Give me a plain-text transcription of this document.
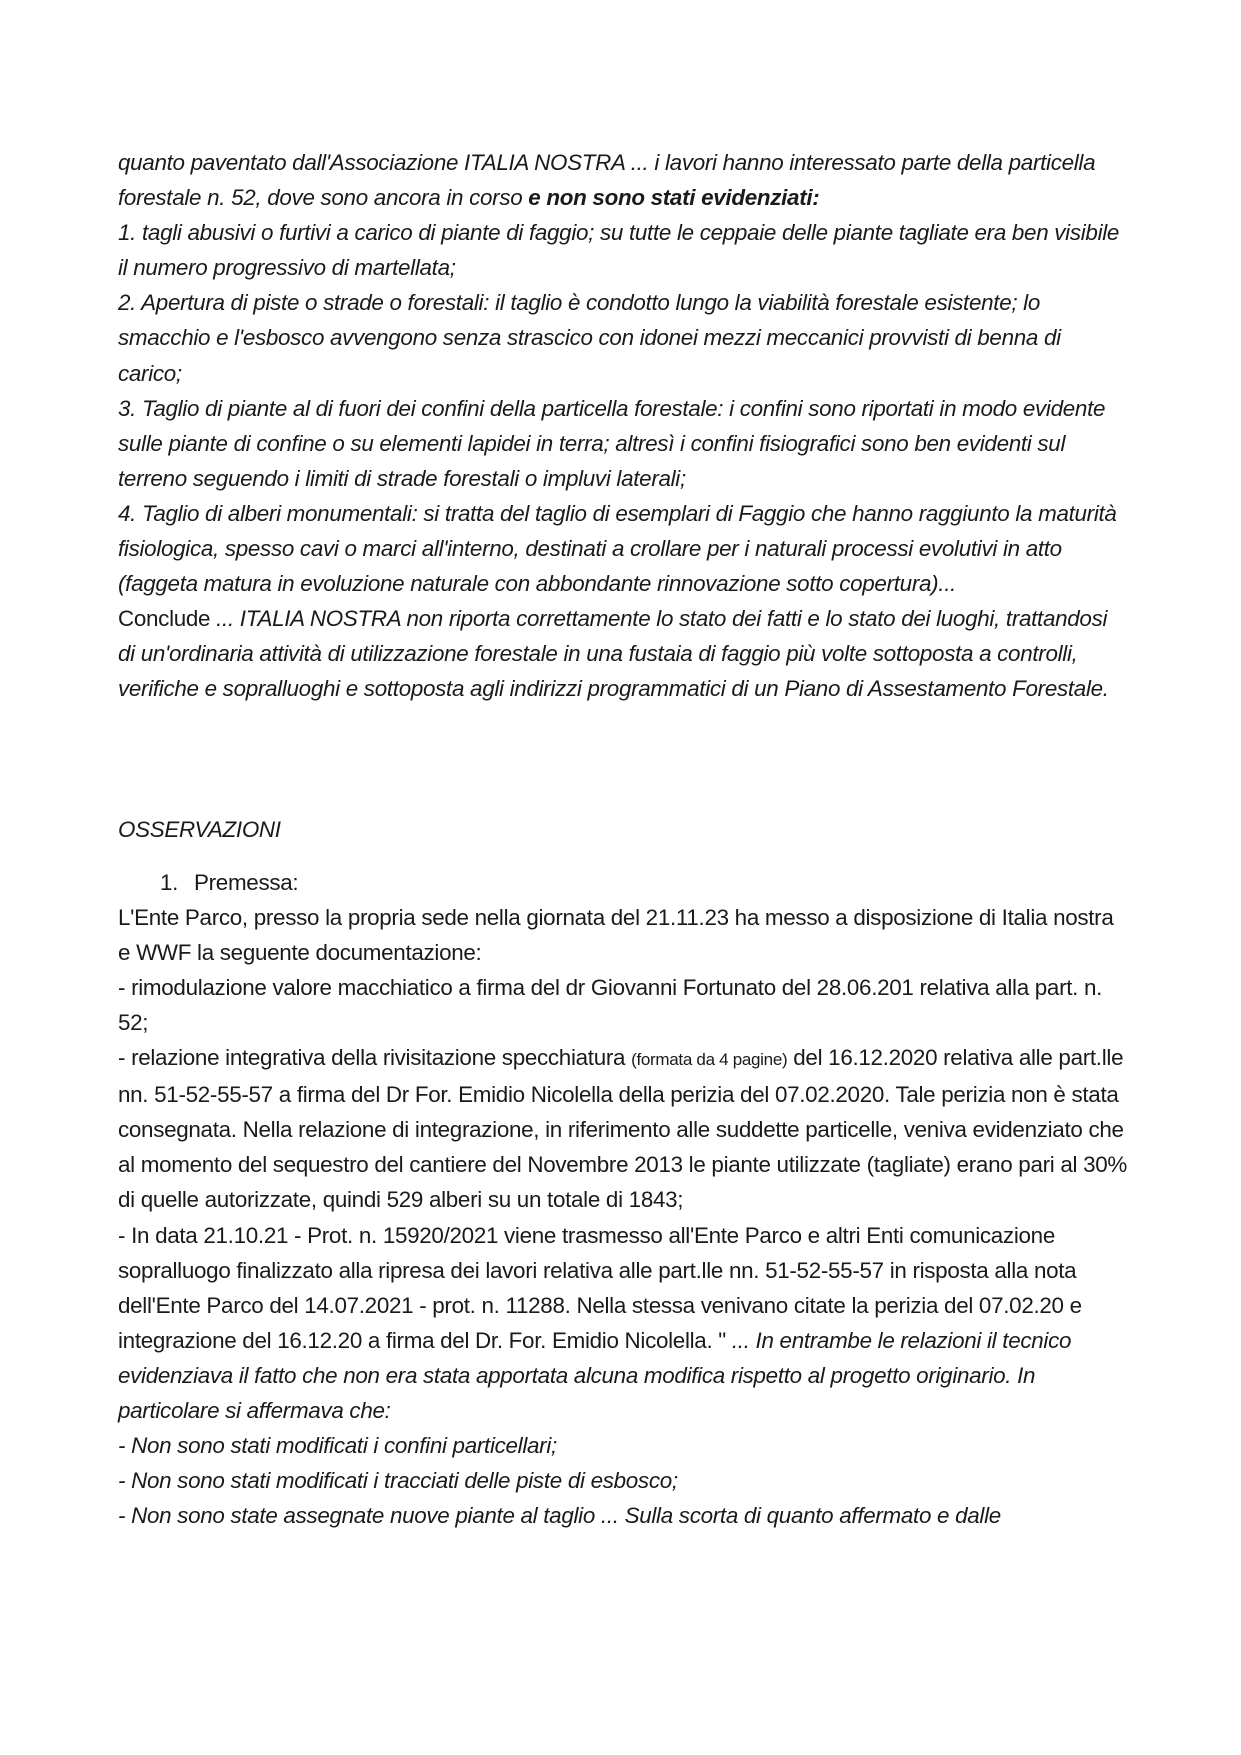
quanto paventato dall'Associazione ITALIA NOSTRA ... i lavori hanno interessato parte della particella forestale n. 52, dove sono ancora in corso e non sono stati evidenziati:

1. tagli abusivi o furtivi a carico di piante di faggio; su tutte le ceppaie delle piante tagliate era ben visibile il numero progressivo di martellata;

2. Apertura di piste o strade o forestali: il taglio è condotto lungo la viabilità forestale esistente; lo smacchio e l'esbosco avvengono senza strascico con idonei mezzi meccanici provvisti di benna di carico;

3. Taglio di piante al di fuori dei confini della particella forestale: i confini sono riportati in modo evidente sulle piante di confine o su elementi lapidei in terra; altresì i confini fisiografici sono ben evidenti sul terreno seguendo i limiti di strade forestali o impluvi laterali;

4. Taglio di alberi monumentali: si tratta del taglio di esemplari di Faggio che hanno raggiunto la maturità fisiologica, spesso cavi o marci all'interno, destinati a crollare per i naturali processi evolutivi in atto (faggeta matura in evoluzione naturale con abbondante rinnovazione sotto copertura)...

Conclude ... ITALIA NOSTRA non riporta correttamente lo stato dei fatti e lo stato dei luoghi, trattandosi di un'ordinaria attività di utilizzazione forestale in una fustaia di faggio più volte sottoposta a controlli, verifiche e sopralluoghi e sottoposta agli indirizzi programmatici di un Piano di Assestamento Forestale.

OSSERVAZIONI

1. Premessa:

L'Ente Parco, presso la propria sede nella giornata del 21.11.23 ha messo a disposizione di Italia nostra e WWF la seguente documentazione:

- rimodulazione valore macchiatico a firma del dr Giovanni Fortunato del 28.06.201 relativa alla part. n. 52;

- relazione integrativa della rivisitazione specchiatura (formata da 4 pagine) del 16.12.2020 relativa alle part.lle nn. 51-52-55-57 a firma del Dr For. Emidio Nicolella della perizia del 07.02.2020. Tale perizia non è stata consegnata. Nella relazione di integrazione, in riferimento alle suddette particelle, veniva evidenziato che al momento del sequestro del cantiere del Novembre 2013 le piante utilizzate (tagliate) erano pari al 30% di quelle autorizzate, quindi 529 alberi su un totale di 1843;

- In data 21.10.21 - Prot. n. 15920/2021 viene trasmesso all'Ente Parco e altri Enti comunicazione sopralluogo finalizzato alla ripresa dei lavori relativa alle part.lle nn. 51-52-55-57 in risposta alla nota dell'Ente Parco del 14.07.2021 - prot. n. 11288. Nella stessa venivano citate la perizia del 07.02.20 e integrazione del 16.12.20 a firma del Dr. For. Emidio Nicolella. " ... In entrambe le relazioni il tecnico evidenziava il fatto che non era stata apportata alcuna modifica rispetto al progetto originario. In particolare si affermava che:

- Non sono stati modificati i confini particellari;

- Non sono stati modificati i tracciati delle piste di esbosco;

- Non sono state assegnate nuove piante al taglio ... Sulla scorta di quanto affermato e dalle
